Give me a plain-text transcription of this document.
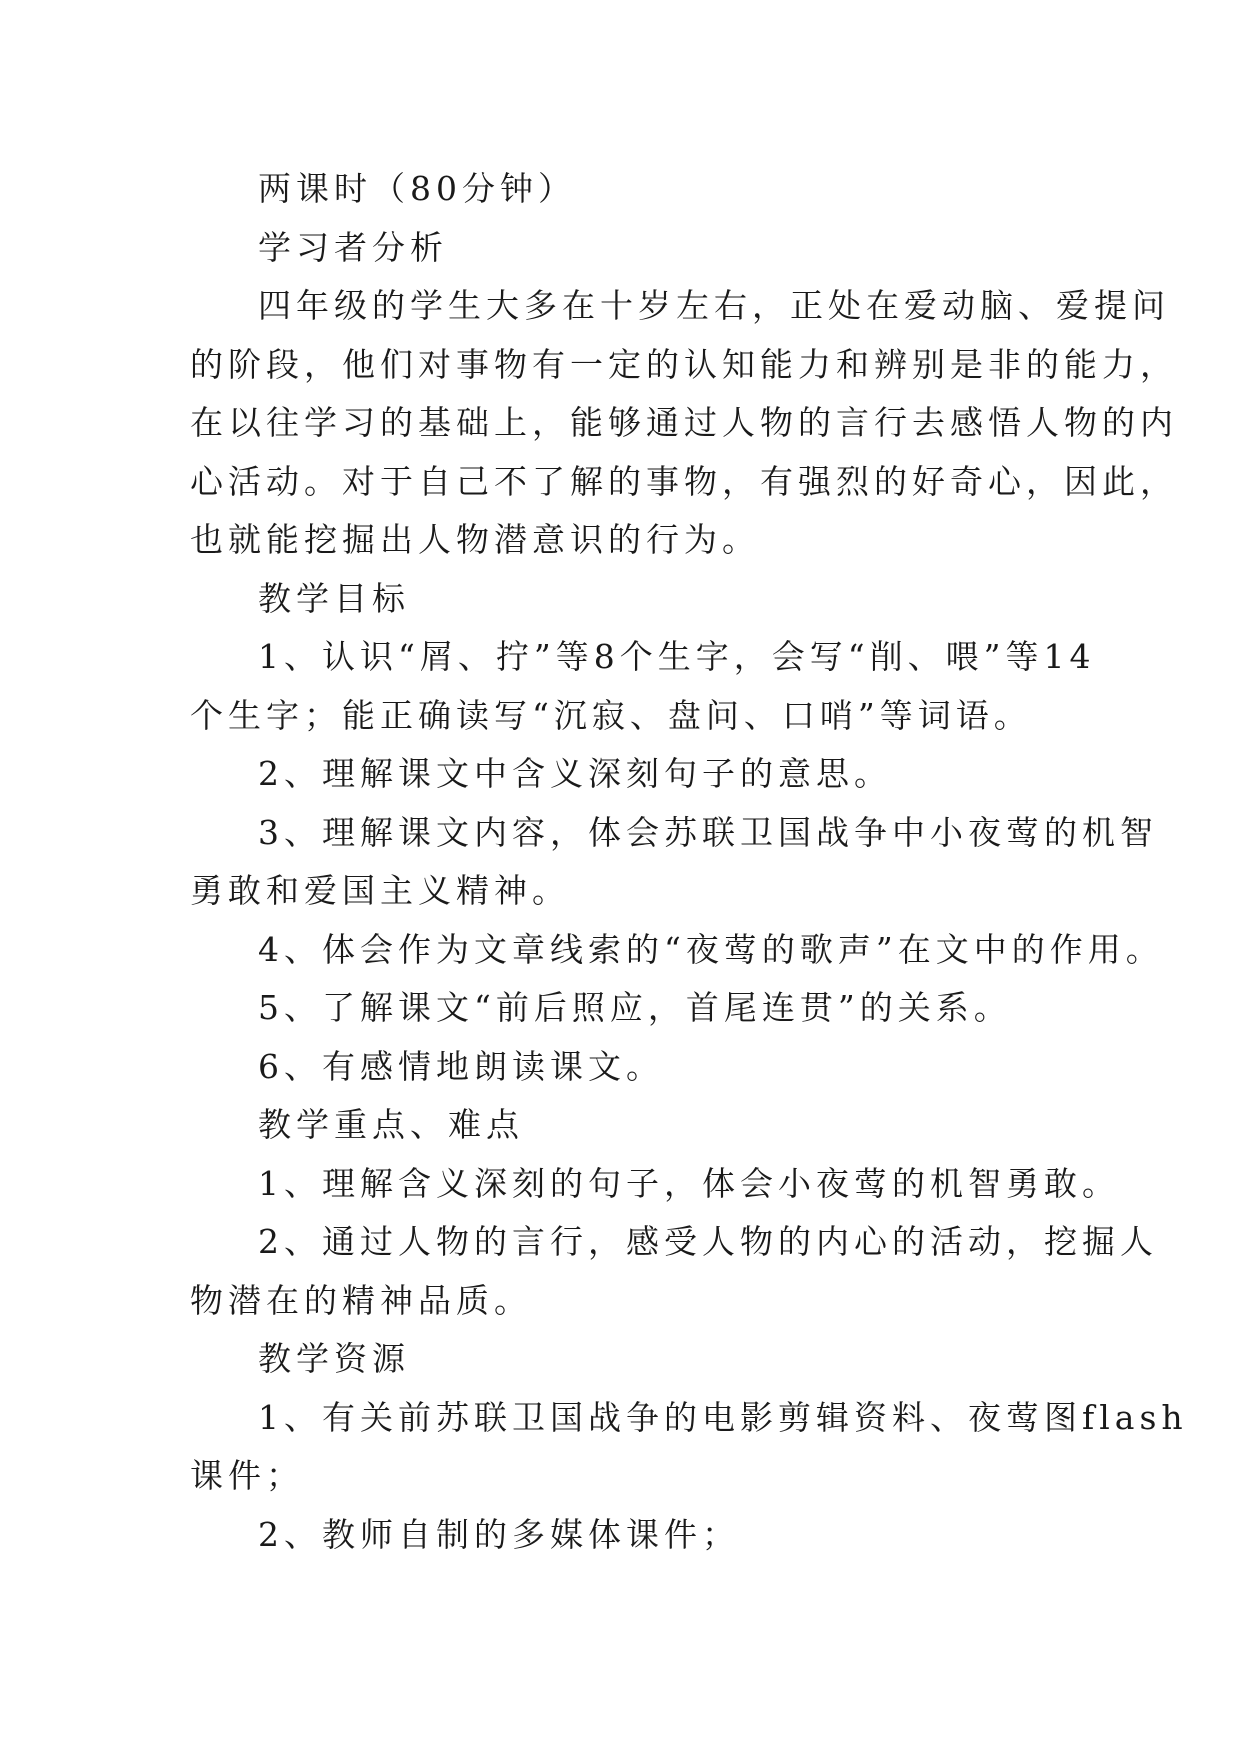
两课时（80分钟）
学习者分析
四年级的学生大多在十岁左右，正处在爱动脑、爱提问
的阶段，他们对事物有一定的认知能力和辨别是非的能力，
在以往学习的基础上，能够通过人物的言行去感悟人物的内
心活动。对于自己不了解的事物，有强烈的好奇心，因此，
也就能挖掘出人物潜意识的行为。
教学目标
1、认识“屑、拧”等8个生字，会写“削、喂”等14
个生字；能正确读写“沉寂、盘问、口哨”等词语。
2、理解课文中含义深刻句子的意思。
3、理解课文内容，体会苏联卫国战争中小夜莺的机智
勇敢和爱国主义精神。
4、体会作为文章线索的“夜莺的歌声”在文中的作用。
5、了解课文“前后照应，首尾连贯”的关系。
6、有感情地朗读课文。
教学重点、难点
1、理解含义深刻的句子，体会小夜莺的机智勇敢。
2、通过人物的言行，感受人物的内心的活动，挖掘人
物潜在的精神品质。
教学资源
1、有关前苏联卫国战争的电影剪辑资料、夜莺图flash
课件；
2、教师自制的多媒体课件；
